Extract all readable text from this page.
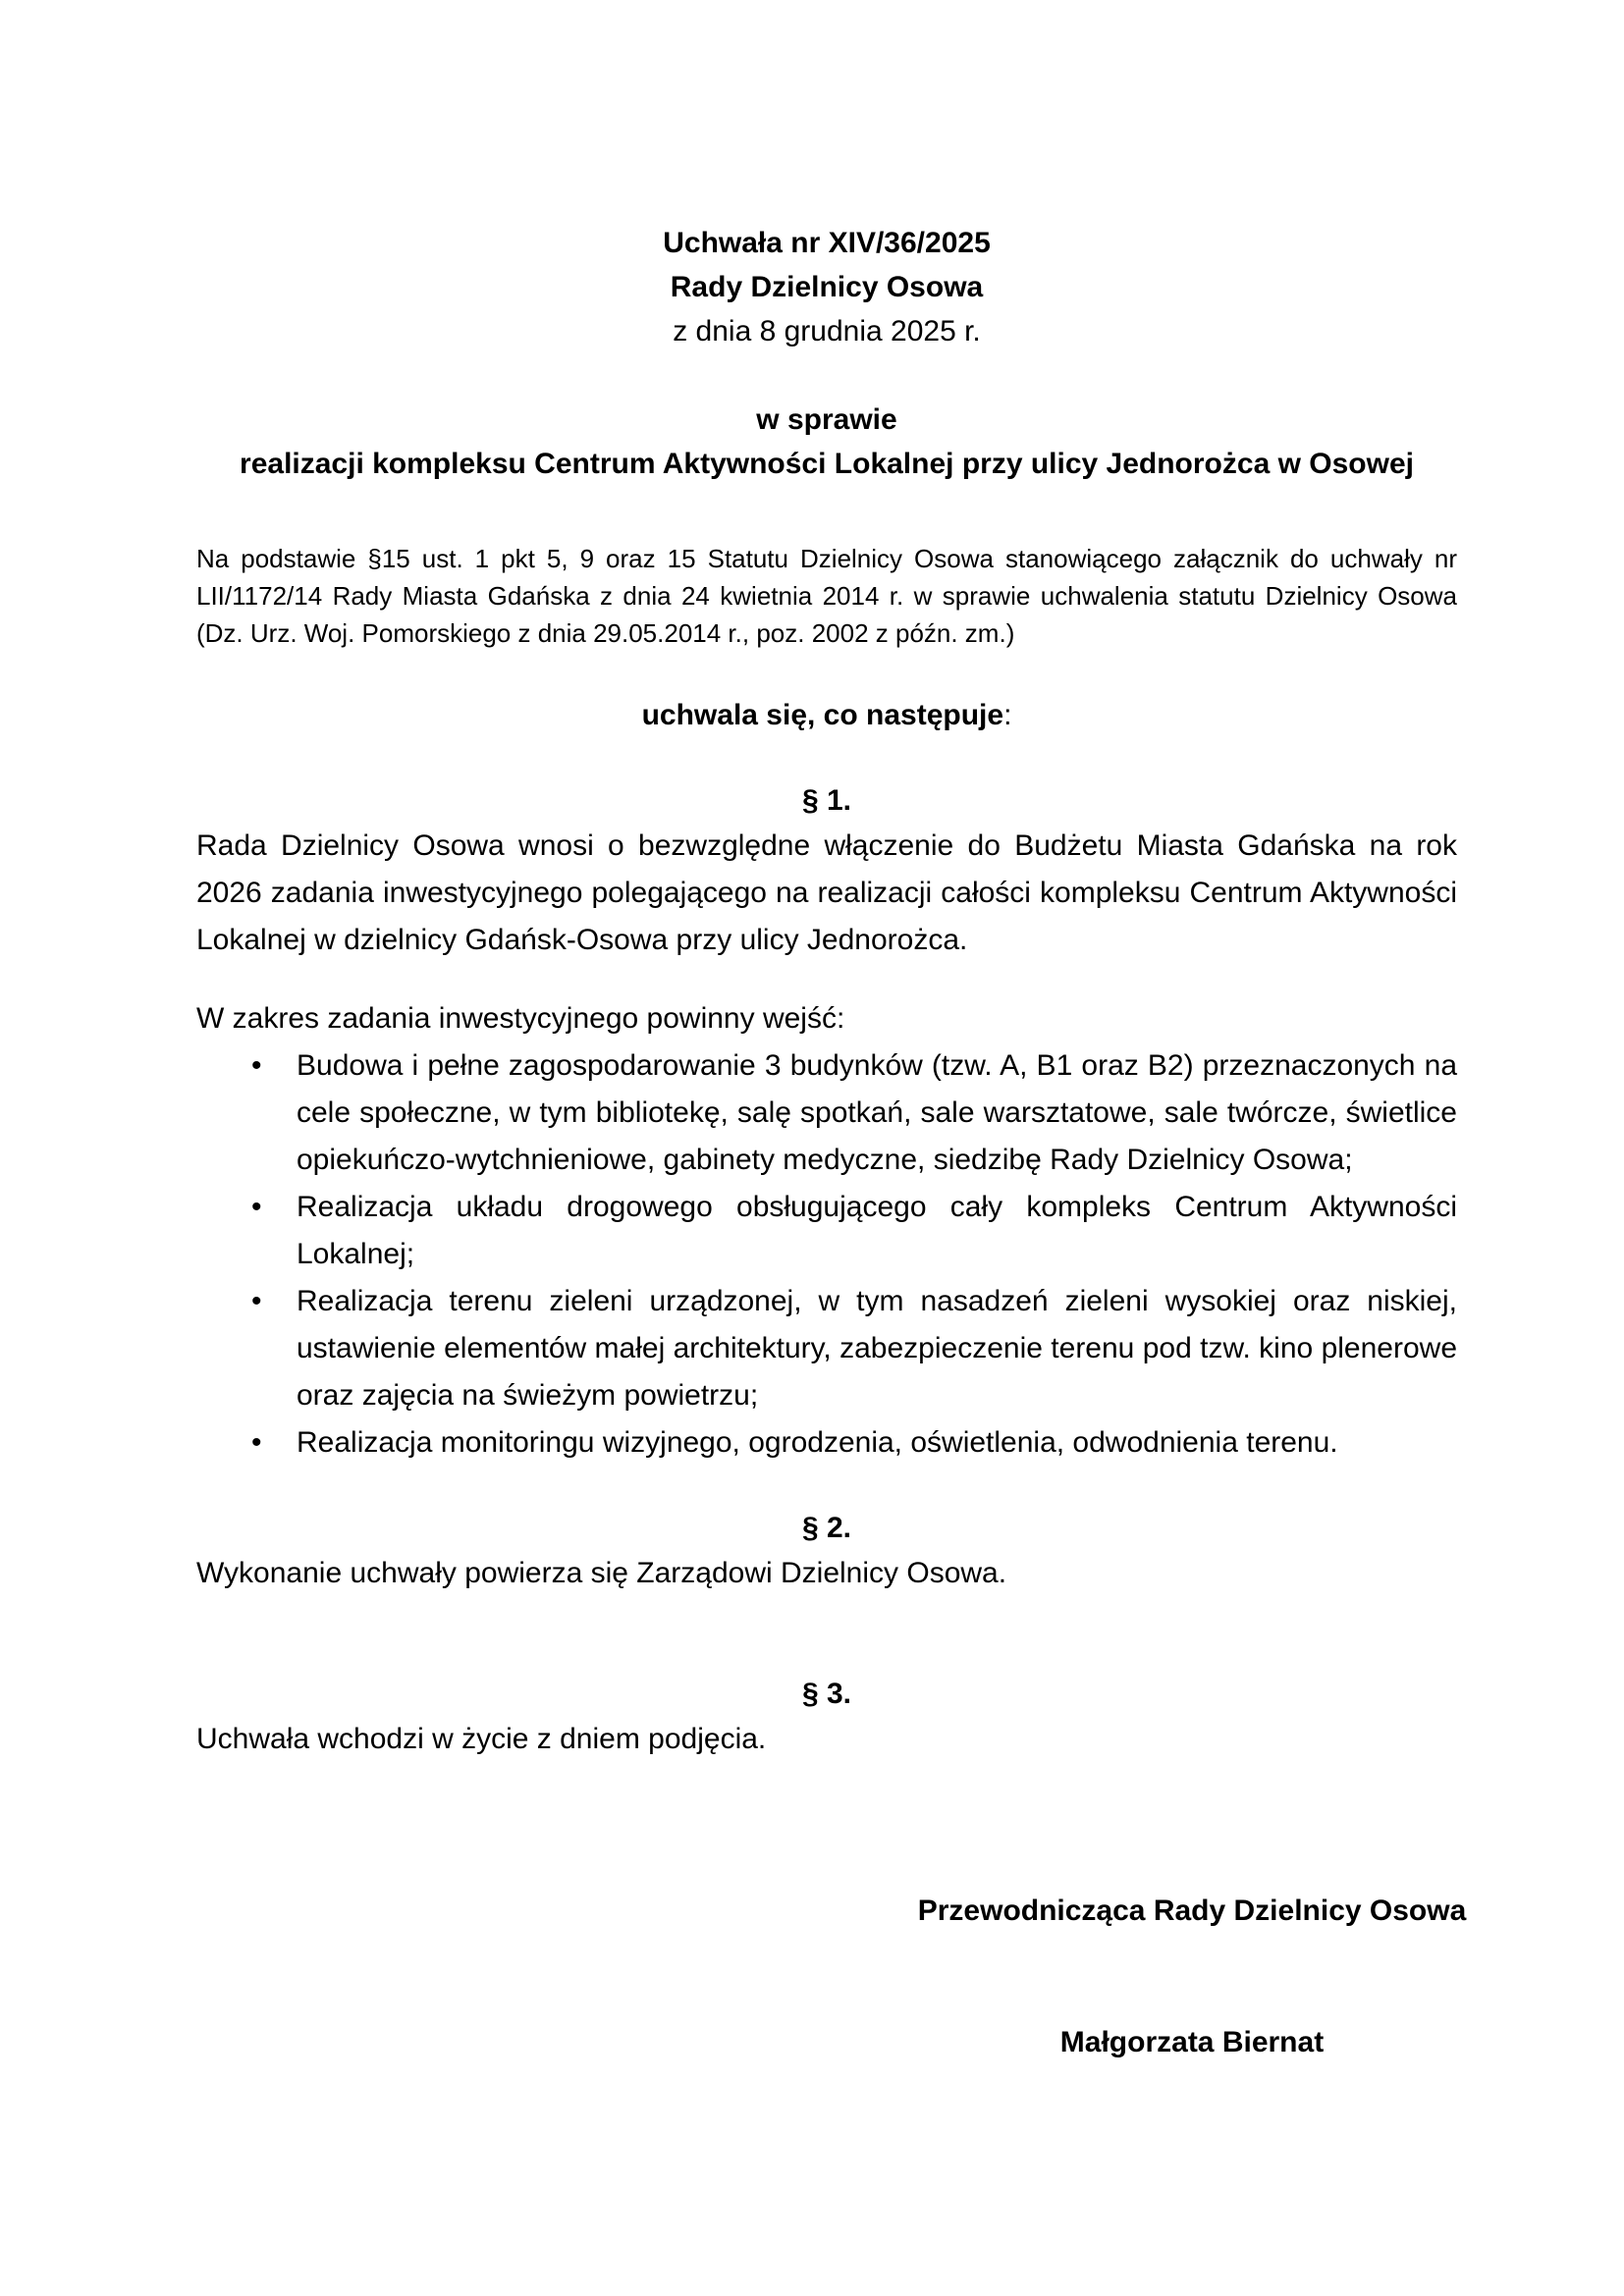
Uchwała nr XIV/36/2025
Rady Dzielnicy Osowa
z dnia 8 grudnia 2025 r.
w sprawie
realizacji kompleksu Centrum Aktywności Lokalnej przy ulicy Jednorożca w Osowej
Na podstawie §15 ust. 1 pkt 5, 9 oraz 15 Statutu Dzielnicy Osowa stanowiącego załącznik do uchwały nr LII/1172/14 Rady Miasta Gdańska z dnia 24 kwietnia 2014 r. w sprawie uchwalenia statutu Dzielnicy Osowa (Dz. Urz. Woj. Pomorskiego z dnia 29.05.2014 r., poz. 2002 z późn. zm.)
uchwala się, co następuje:
§ 1.
Rada Dzielnicy Osowa wnosi o bezwzględne włączenie do Budżetu Miasta Gdańska na rok 2026 zadania inwestycyjnego polegającego na realizacji całości kompleksu Centrum Aktywności Lokalnej w dzielnicy Gdańsk-Osowa przy ulicy Jednorożca.
W zakres zadania inwestycyjnego powinny wejść:
• Budowa i pełne zagospodarowanie 3 budynków (tzw. A, B1 oraz B2) przeznaczonych na cele społeczne, w tym bibliotekę, salę spotkań, sale warsztatowe, sale twórcze, świetlice opiekuńczo-wytchnieniowe, gabinety medyczne, siedzibę Rady Dzielnicy Osowa;
• Realizacja układu drogowego obsługującego cały kompleks Centrum Aktywności Lokalnej;
• Realizacja terenu zieleni urządzonej, w tym nasadzeń zieleni wysokiej oraz niskiej, ustawienie elementów małej architektury, zabezpieczenie terenu pod tzw. kino plenerowe oraz zajęcia na świeżym powietrzu;
• Realizacja monitoringu wizyjnego, ogrodzenia, oświetlenia, odwodnienia terenu.
§ 2.
Wykonanie uchwały powierza się Zarządowi Dzielnicy Osowa.
§ 3.
Uchwała wchodzi w życie z dniem podjęcia.
Przewodnicząca Rady Dzielnicy Osowa
Małgorzata Biernat
